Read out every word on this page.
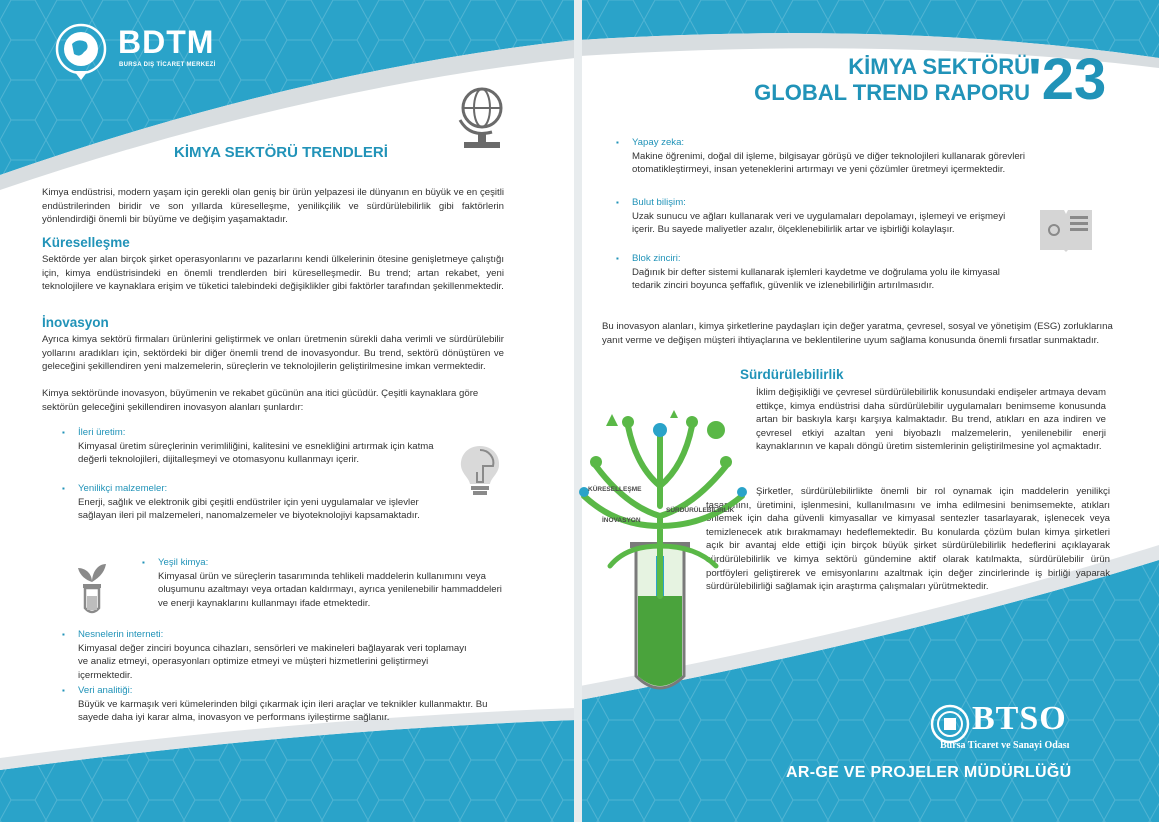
BDTM
BURSA DIŞ TİCARET MERKEZİ	KİMYA SEKTÖRÜ
GLOBAL TREND RAPORU
'23
KİMYA SEKTÖRÜ TRENDLERİ
Kimya endüstrisi, modern yaşam için gerekli olan geniş bir ürün yelpazesi ile dünyanın en büyük ve en çeşitli endüstrilerinden biridir ve son yıllarda küreselleşme, yenilikçilik ve sürdürülebilirlik gibi faktörlerin yönlendirdiği önemli bir büyüme ve değişim yaşamaktadır.
Küreselleşme
Sektörde yer alan birçok şirket operasyonlarını ve pazarlarını kendi ülkelerinin ötesine genişletmeye çalıştığı için, kimya endüstrisindeki en önemli trendlerden biri küreselleşmedir. Bu trend; artan rekabet, yeni teknolojilere ve kaynaklara erişim ve tüketici talebindeki değişiklikler gibi faktörler tarafından şekillenmektedir.
İnovasyon
Ayrıca kimya sektörü firmaları ürünlerini geliştirmek ve onları üretmenin sürekli daha verimli ve sürdürülebilir yollarını aradıkları için, sektördeki bir diğer önemli trend de inovasyondur. Bu trend, sektörü dönüştüren ve geleceğini şekillendiren yeni malzemelerin, süreçlerin ve teknolojilerin geliştirilmesine imkan vermektedir.
Kimya sektöründe inovasyon, büyümenin ve rekabet gücünün ana itici gücüdür. Çeşitli kaynaklara göre sektörün geleceğini şekillendiren inovasyon alanları şunlardır:
▪ İleri üretim:
Kimyasal üretim süreçlerinin verimliliğini, kalitesini ve esnekliğini artırmak için katma değerli teknolojileri, dijitalleşmeyi ve otomasyonu kullanmayı içerir.
▪ Yenilikçi malzemeler:
Enerji, sağlık ve elektronik gibi çeşitli endüstriler için yeni uygulamalar ve işlevler sağlayan ileri pil malzemeleri, nanomalzemeler ve biyoteknolojiyi kapsamaktadır.
▪ Yeşil kimya:
Kimyasal ürün ve süreçlerin tasarımında tehlikeli maddelerin kullanımını veya oluşumunu azaltmayı veya ortadan kaldırmayı, ayrıca yenilenebilir hammaddeleri ve enerji kaynaklarını kullanmayı ifade etmektedir.
▪ Nesnelerin interneti:
Kimyasal değer zinciri boyunca cihazları, sensörleri ve makineleri bağlayarak veri toplamayı ve analiz etmeyi, operasyonları optimize etmeyi ve müşteri hizmetlerini geliştirmeyi içermektedir.
▪ Veri analitiği:
Büyük ve karmaşık veri kümelerinden bilgi çıkarmak için ileri araçlar ve teknikler kullanmaktır. Bu sayede daha iyi karar alma, inovasyon ve performans iyileştirme sağlanır.
▪ Yapay zeka:
Makine öğrenimi, doğal dil işleme, bilgisayar görüşü ve diğer teknolojileri kullanarak görevleri otomatikleştirmeyi, insan yeteneklerini artırmayı ve yeni çözümler üretmeyi içermektedir.
▪ Bulut bilişim:
Uzak sunucu ve ağları kullanarak veri ve uygulamaları depolamayı, işlemeyi ve erişmeyi içerir. Bu sayede maliyetler azalır, ölçeklenebilirlik artar ve işbirliği kolaylaşır.
▪ Blok zinciri:
Dağınık bir defter sistemi kullanarak işlemleri kaydetme ve doğrulama yolu ile kimyasal tedarik zinciri boyunca şeffaflık, güvenlik ve izlenebilirliğin artırılmasıdır.
Bu inovasyon alanları, kimya şirketlerine paydaşları için değer yaratma, çevresel, sosyal ve yönetişim (ESG) zorluklarına yanıt verme ve değişen müşteri ihtiyaçlarına ve beklentilerine uyum sağlama konusunda önemli fırsatlar sunmaktadır.
Sürdürülebilirlik
İklim değişikliği ve çevresel sürdürülebilirlik konusundaki endişeler artmaya devam ettikçe, kimya endüstrisi daha sürdürülebilir uygulamaları benimseme konusunda artan bir baskıyla karşı karşıya kalmaktadır. Bu trend, atıkları en aza indiren ve çevresel etkiyi azaltan yeni biyobazlı malzemelerin, yenilenebilir enerji kaynaklarının ve kapalı döngü üretim sistemlerinin geliştirilmesine yol açmaktadır.
Şirketler, sürdürülebilirlikte önemli bir rol oynamak için maddelerin yenilikçi tasarımını, üretimini, işlenmesini, kullanılmasını ve imha edilmesini benimsemekte, atıkları önlemek için daha güvenli kimyasallar ve kimyasal sentezler tasarlayarak, işlenecek veya temizlenecek atık bırakmamayı hedeflemektedir. Bu konularda çözüm bulan kimya şirketleri açık bir avantaj elde ettiği için birçok büyük şirket sürdürülebilirlik hedeflerini açıklayarak sürdürülebilirlik ve kimya sektörü gündemine aktif olarak katılmakta, sürdürülebilir ürün portföyleri geliştirerek ve emisyonlarını azaltmak için değer zincirlerinde iş birliği yaparak sürdürülebilirliği sağlamak için araştırma çalışmaları yürütmektedir.
KÜRESELLEŞME
SÜRDÜRÜLEBİLİRLİK
İNOVASYON
BTSO
Bursa Ticaret ve Sanayi Odası
AR-GE VE PROJELER MÜDÜRLÜĞÜ
